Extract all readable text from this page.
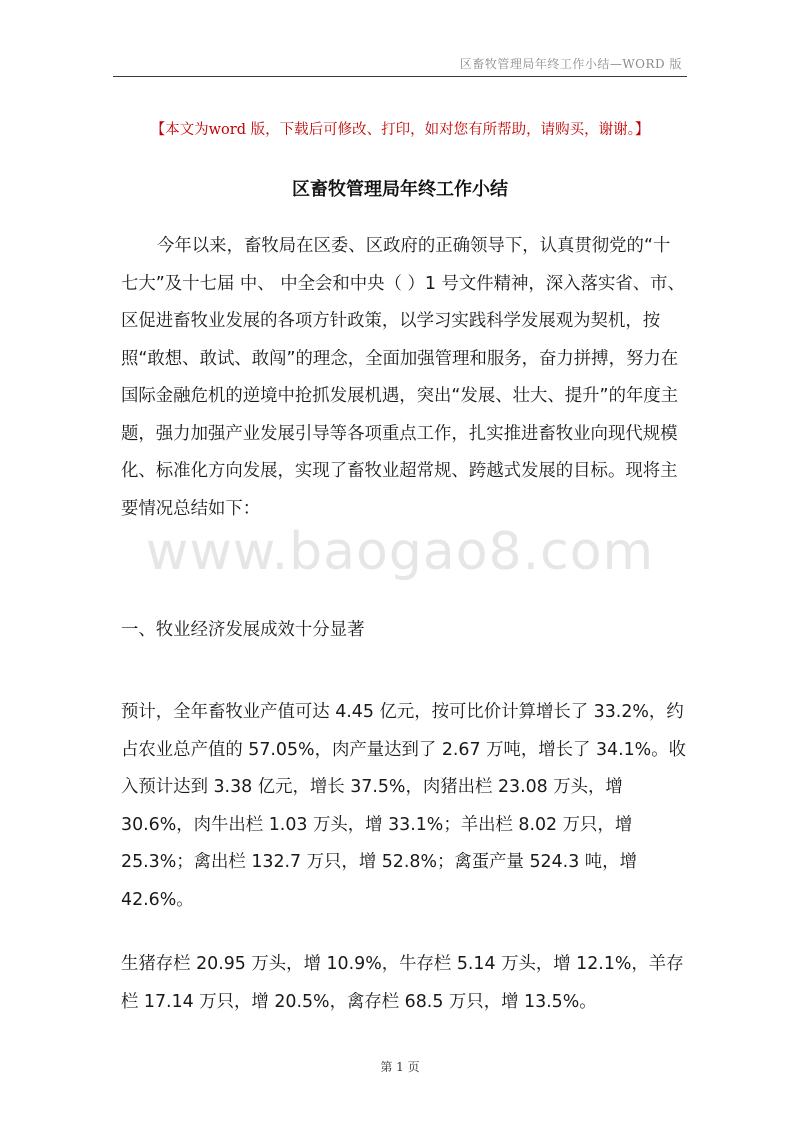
区畜牧管理局年终工作小结—WORD 版
【本文为word 版，下载后可修改、打印，如对您有所帮助，请购买，谢谢。】
区畜牧管理局年终工作小结

今年以来，畜牧局在区委、区政府的正确领导下，认真贯彻党的“十七大”及十七届 中、 中全会和中央（ ）1 号文件精神，深入落实省、市、区促进畜牧业发展的各项方针政策，以学习实践科学发展观为契机，按照“敢想、敢试、敢闯”的理念，全面加强管理和服务，奋力拼搏，努力在国际金融危机的逆境中抢抓发展机遇，突出“发展、壮大、提升”的年度主题，强力加强产业发展引导等各项重点工作，扎实推进畜牧业向现代规模化、标准化方向发展，实现了畜牧业超常规、跨越式发展的目标。现将主要情况总结如下：

一、牧业经济发展成效十分显著

预计，全年畜牧业产值可达 4.45 亿元，按可比价计算增长了 33.2%，约占农业总产值的 57.05%，肉产量达到了 2.67 万吨，增长了 34.1%。收入预计达到 3.38 亿元，增长 37.5%，肉猪出栏 23.08 万头，增 30.6%，肉牛出栏 1.03 万头，增 33.1%；羊出栏 8.02 万只，增 25.3%；禽出栏 132.7 万只，增 52.8%；禽蛋产量 524.3 吨，增 42.6%。

生猪存栏 20.95 万头，增 10.9%，牛存栏 5.14 万头，增 12.1%，羊存栏 17.14 万只，增 20.5%，禽存栏 68.5 万只，增 13.5%。

www.baogao8.com
第 1 页
